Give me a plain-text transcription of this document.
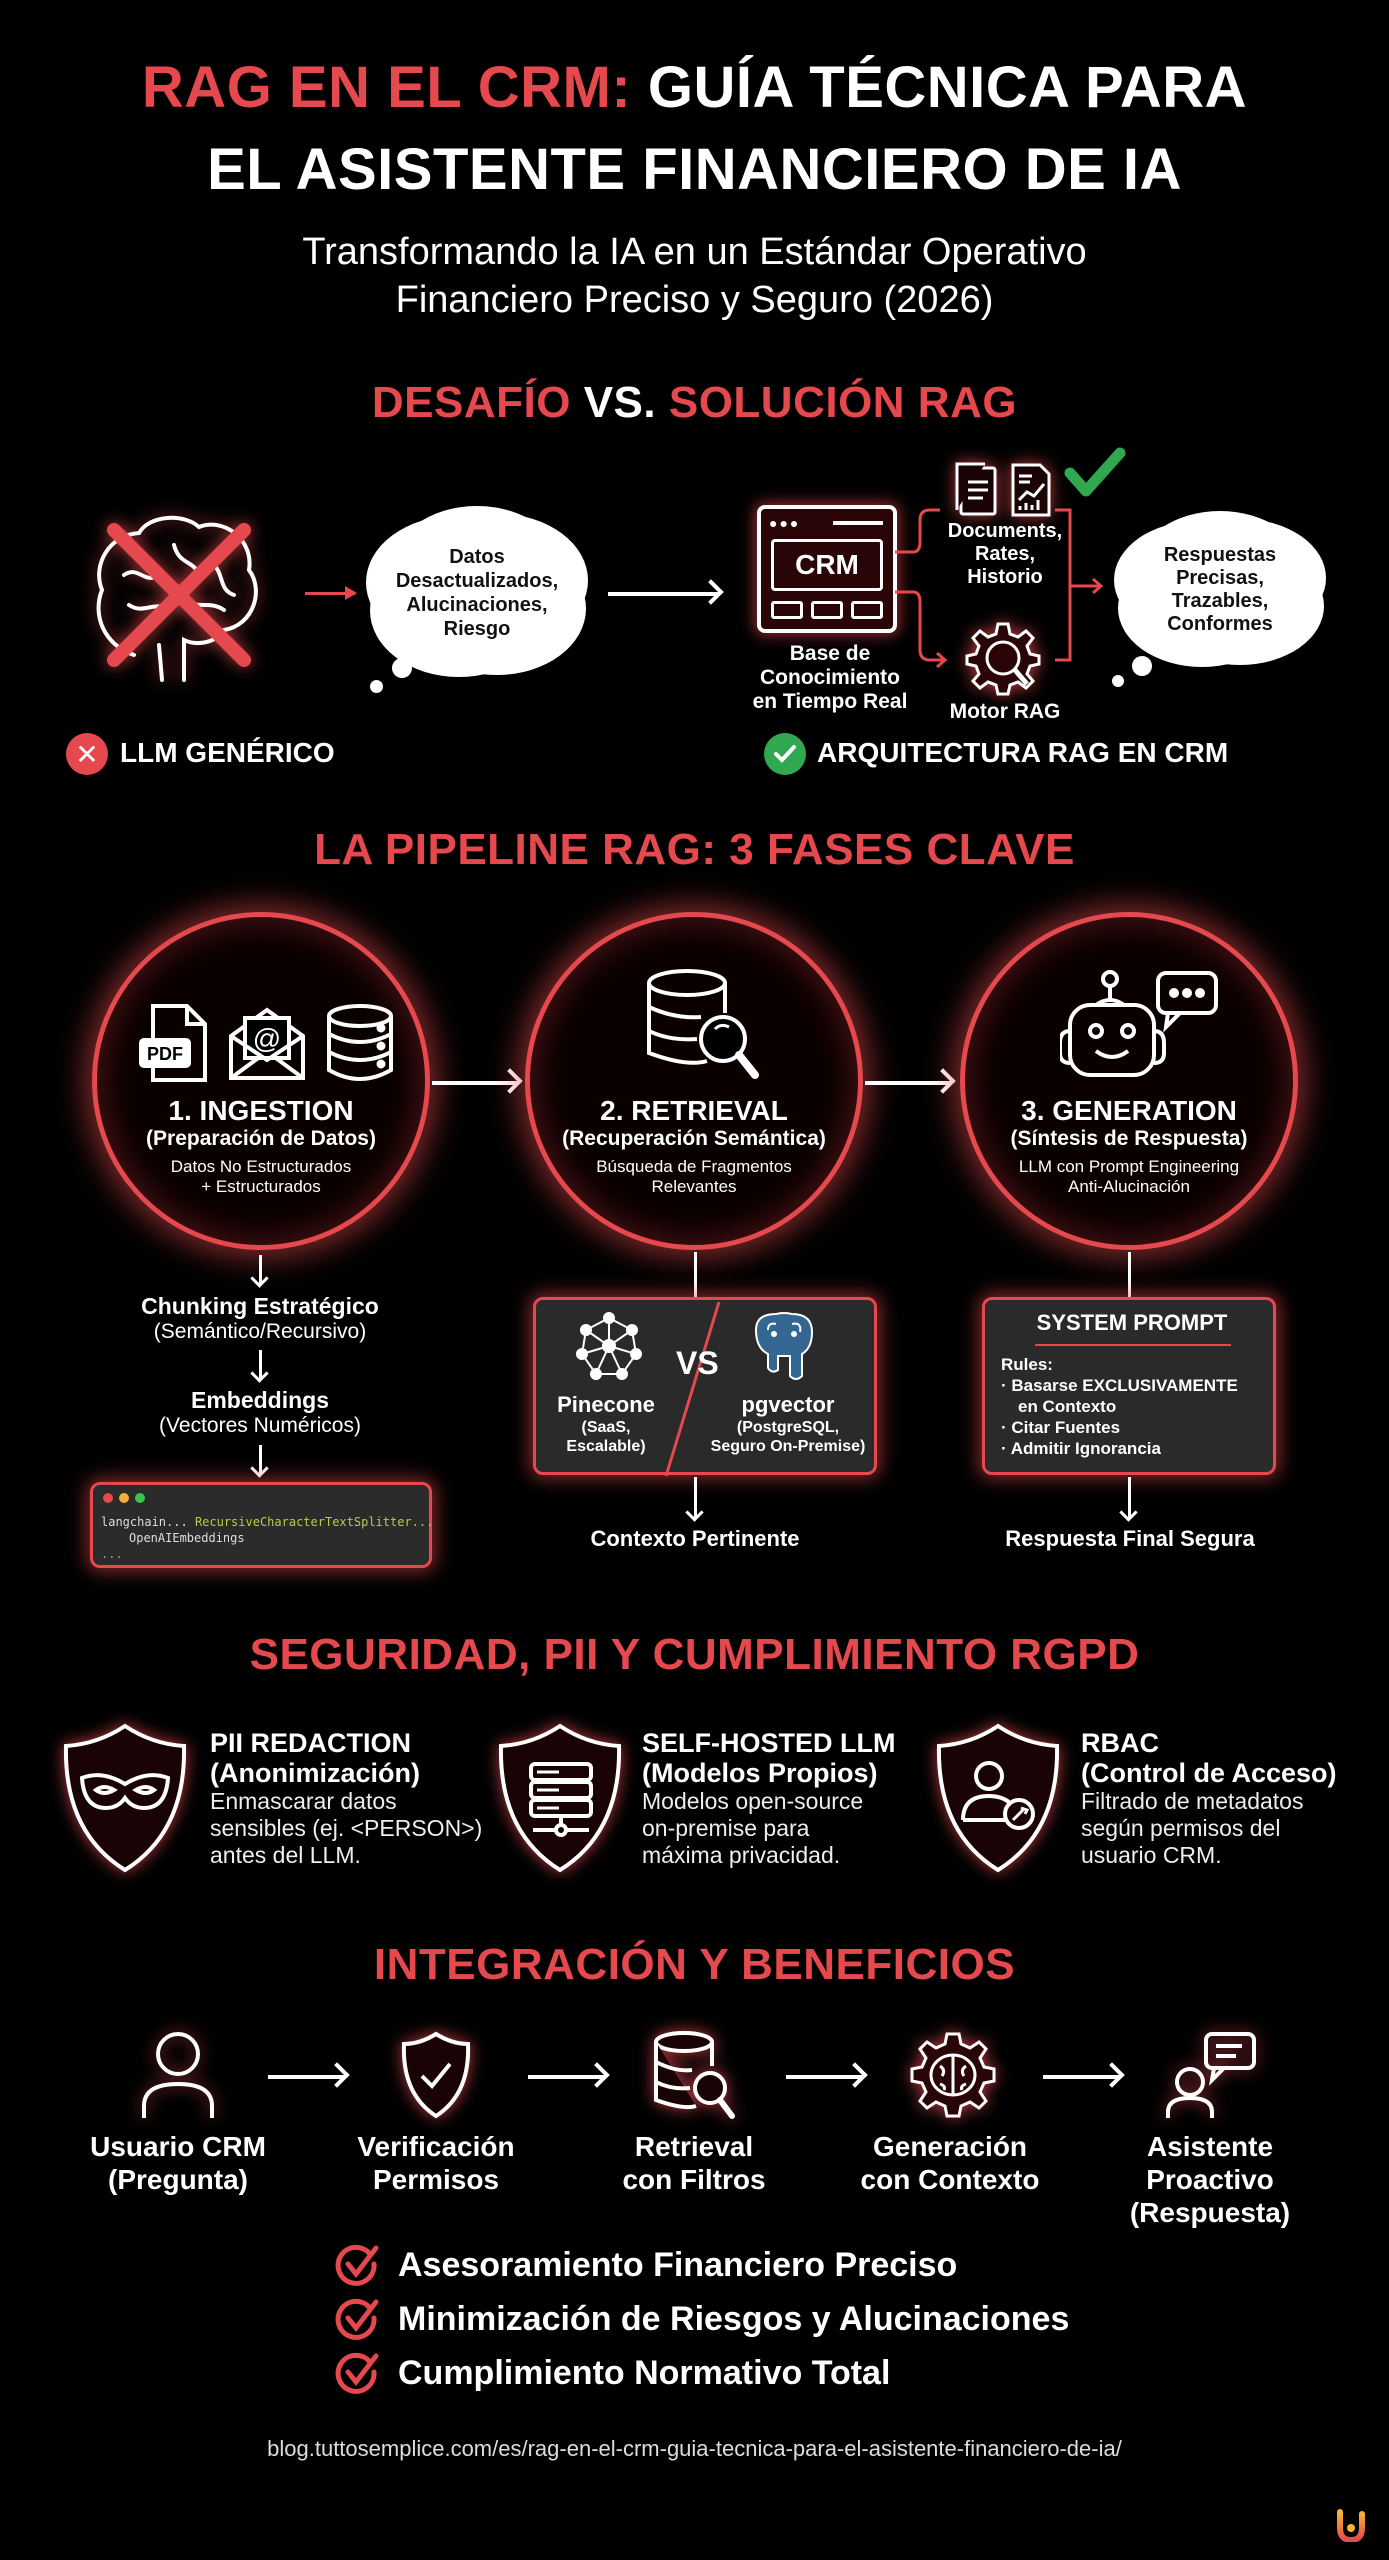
RAG EN EL CRM: GUÍA TÉCNICA PARA
EL ASISTENTE FINANCIERO DE IA
Transformando la IA en un Estándar Operativo
Financiero Preciso y Seguro (2026)
DESAFÍO VS. SOLUCIÓN RAG
Datos
Desactualizados,
Alucinaciones,
Riesgo
✕ LLM GENÉRICO
●●●
CRM
Base de
Conocimiento
en Tiempo Real
Documents,
Rates,
Historio
Motor RAG
Respuestas
Precisas,
Trazables,
Conformes
ARQUITECTURA RAG EN CRM
LA PIPELINE RAG: 3 FASES CLAVE
PDF @
1. INGESTION
(Preparación de Datos)
Datos No Estructurados
+ Estructurados
2. RETRIEVAL
(Recuperación Semántica)
Búsqueda de Fragmentos
Relevantes
3. GENERATION
(Síntesis de Respuesta)
LLM con Prompt Engineering
Anti-Alucinación
Chunking Estratégico
(Semántico/Recursivo)
Embeddings
(Vectores Numéricos)
langchain... RecursiveCharacterTextSplitter...
OpenAIEmbeddings
...
VS
Pinecone
(SaaS,
Escalable)
pgvector
(PostgreSQL,
Seguro On-Premise)
Contexto Pertinente
SYSTEM PROMPT
Rules:
· Basarse EXCLUSIVAMENTE
en Contexto
· Citar Fuentes
· Admitir Ignorancia
Respuesta Final Segura
SEGURIDAD, PII Y CUMPLIMIENTO RGPD
PII REDACTION
(Anonimización)
Enmascarar datos
sensibles (ej. <PERSON>)
antes del LLM.
SELF-HOSTED LLM
(Modelos Propios)
Modelos open-source
on-premise para
máxima privacidad.
RBAC
(Control de Acceso)
Filtrado de metadatos
según permisos del
usuario CRM.
INTEGRACIÓN Y BENEFICIOS
Usuario CRM
(Pregunta)
Verificación
Permisos
Retrieval
con Filtros
Generación
con Contexto
Asistente
Proactivo
(Respuesta)
Asesoramiento Financiero Preciso
Minimización de Riesgos y Alucinaciones
Cumplimiento Normativo Total
blog.tuttosemplice.com/es/rag-en-el-crm-guia-tecnica-para-el-asistente-financiero-de-ia/
